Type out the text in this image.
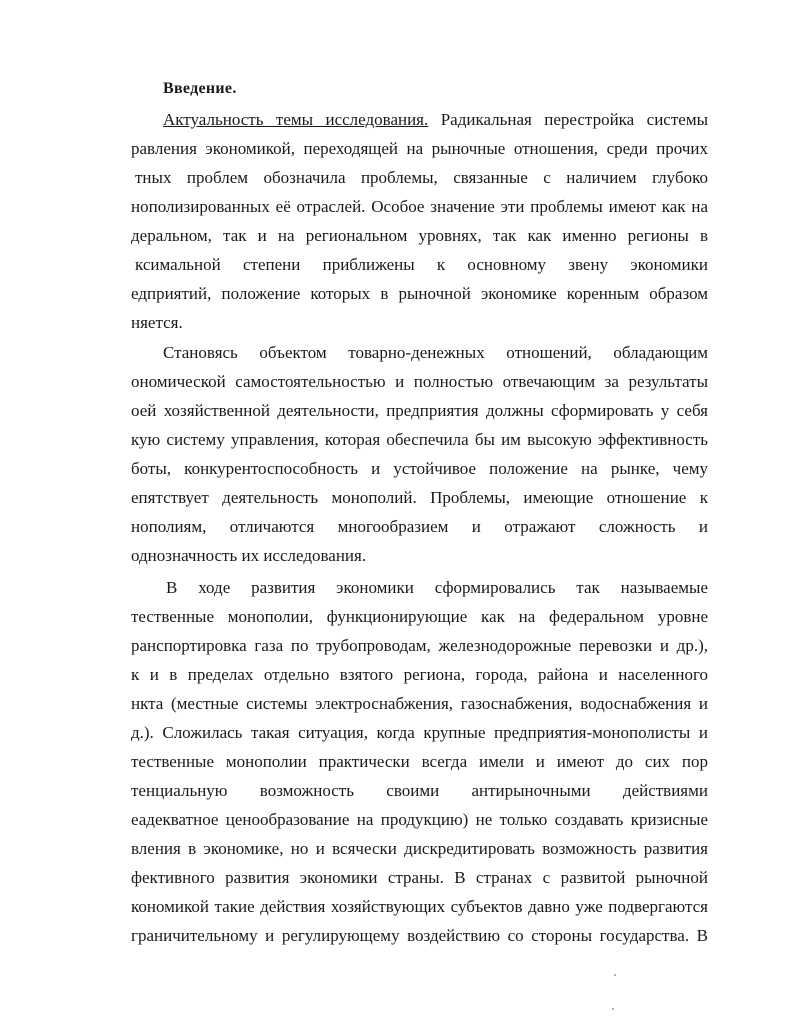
Введение.
Актуальность темы исследования. Радикальная перестройка системы
равления экономикой, переходящей на рыночные отношения, среди прочих
тных проблем обозначила проблемы, связанные с наличием глубоко
нополизированных её отраслей. Особое значение эти проблемы имеют как на
деральном, так и на региональном уровнях, так как именно регионы в
ксимальной степени приближены к основному звену экономики
едприятий, положение которых в рыночной экономике коренным образом
няется.
Становясь объектом товарно-денежных отношений, обладающим
ономической самостоятельностью и полностью отвечающим за результаты
оей хозяйственной деятельности, предприятия должны сформировать у себя
кую систему управления, которая обеспечила бы им высокую эффективность
боты, конкурентоспособность и устойчивое положение на рынке, чему
епятствует деятельность монополий. Проблемы, имеющие отношение к
нополиям, отличаются многообразием и отражают сложность и
однозначность их исследования.
В ходе развития экономики сформировались так называемые
тественные монополии, функционирующие как на федеральном уровне
ранспортировка газа по трубопроводам, железнодорожные перевозки и др.),
к и в пределах отдельно взятого региона, города, района и населенного
нкта (местные системы электроснабжения, газоснабжения, водоснабжения и
д.). Сложилась такая ситуация, когда крупные предприятия-монополисты и
тественные монополии практически всегда имели и имеют до сих пор
тенциальную возможность своими антирыночными действиями
еадекватное ценообразование на продукцию) не только создавать кризисные
вления в экономике, но и всячески дискредитировать возможность развития
фективного развития экономики страны. В странах с развитой рыночной
кономикой такие действия хозяйствующих субъектов давно уже подвергаются
граничительному и регулирующему воздействию со стороны государства. В
